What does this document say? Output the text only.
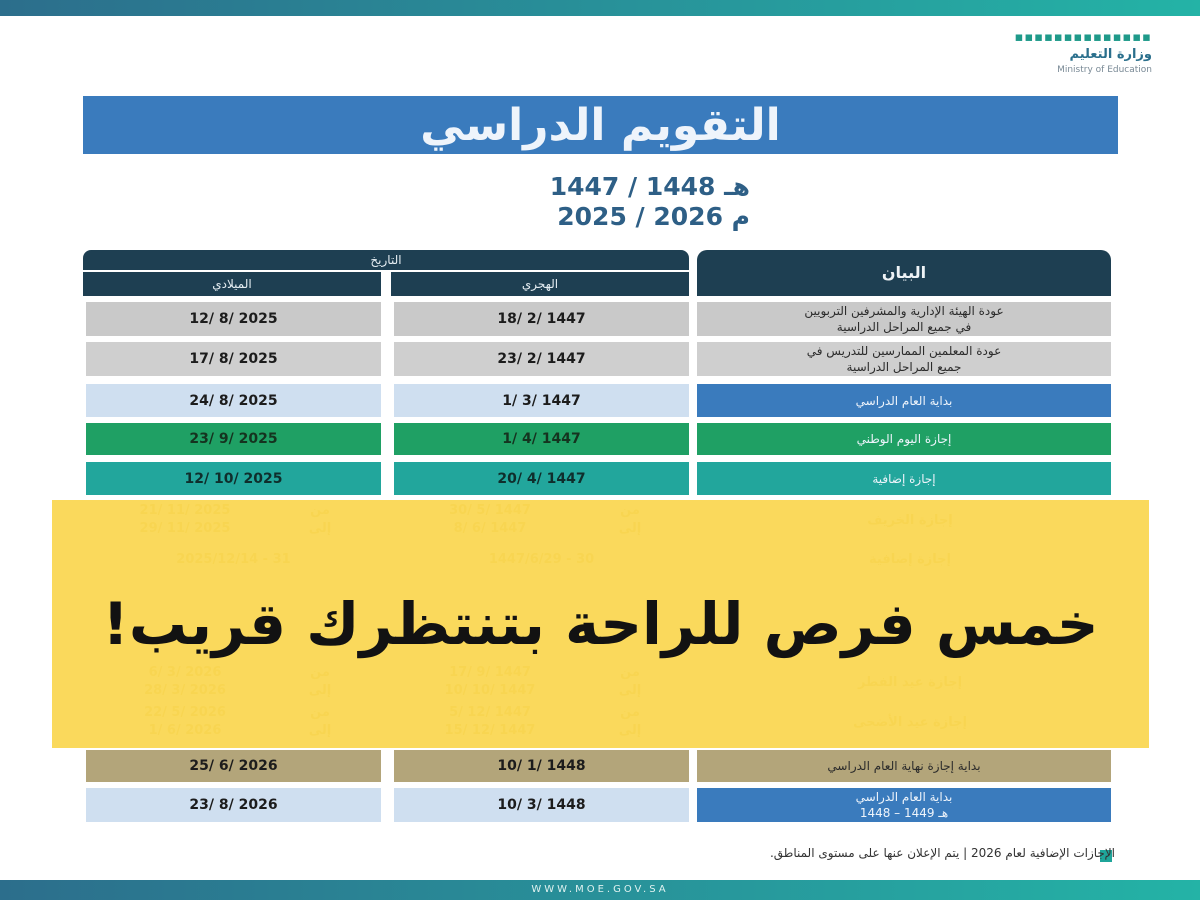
▪▪▪▪▪▪▪▪▪▪▪▪▪▪
وزارة التعليم
Ministry of Education
التقويم الدراسي
1447 / 1448 هـ
2025 / 2026 م
التاريخ
الميلادي	الهجري
البيان
12/ 8/ 2025	18/ 2/ 1447	عودة الهيئة الإدارية والمشرفين التربويين
في جميع المراحل الدراسية
17/ 8/ 2025	23/ 2/ 1447	عودة المعلمين الممارسين للتدريس في
جميع المراحل الدراسية
24/ 8/ 2025	1/ 3/ 1447	بداية العام الدراسي
23/ 9/ 2025	1/ 4/ 1447	إجازة اليوم الوطني
12/ 10/ 2025	20/ 4/ 1447	إجازة إضافية
25/ 6/ 2026	10/ 1/ 1448	بداية إجازة نهاية العام الدراسي
23/ 8/ 2026	10/ 3/ 1448	بداية العام الدراسي
1448 – 1449 هـ
خمس فرص للراحة بتنتظرك قريب!
الإجازات الإضافية لعام 2026 | يتم الإعلان عنها على مستوى المناطق.
WWW.MOE.GOV.SA
